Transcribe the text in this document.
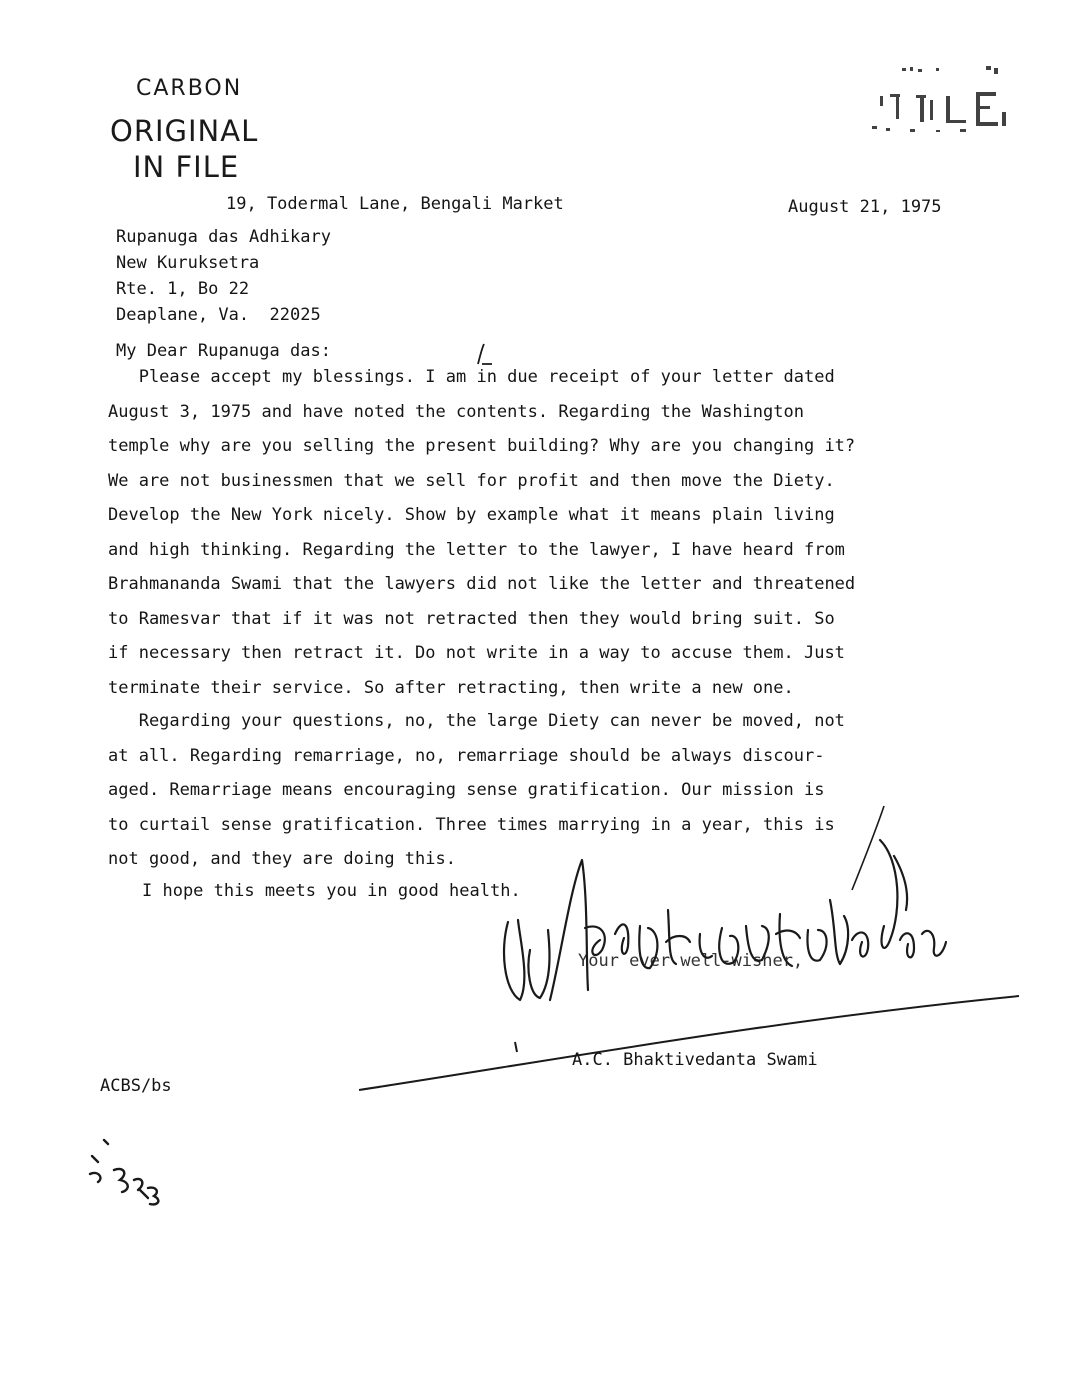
CARBON
ORIGINAL
IN FILE
19, Todermal Lane, Bengali Market	August 21, 1975
Rupanuga das Adhikary
New Kuruksetra
Rte. 1, Bo 22
Deaplane, Va.  22025
My Dear Rupanuga das:
Please accept my blessings. I am in due receipt of your letter dated
August 3, 1975 and have noted the contents. Regarding the Washington
temple why are you selling the present building? Why are you changing it?
We are not businessmen that we sell for profit and then move the Diety.
Develop the New York nicely. Show by example what it means plain living
and high thinking. Regarding the letter to the lawyer, I have heard from
Brahmananda Swami that the lawyers did not like the letter and threatened
to Ramesvar that if it was not retracted then they would bring suit. So
if necessary then retract it. Do not write in a way to accuse them. Just
terminate their service. So after retracting, then write a new one.
Regarding your questions, no, the large Diety can never be moved, not
at all. Regarding remarriage, no, remarriage should be always discour-
aged. Remarriage means encouraging sense gratification. Our mission is
to curtail sense gratification. Three times marrying in a year, this is
not good, and they are doing this.
I hope this meets you in good health.
Your ever well-wisher,
A.C. Bhaktivedanta Swami
ACBS/bs
